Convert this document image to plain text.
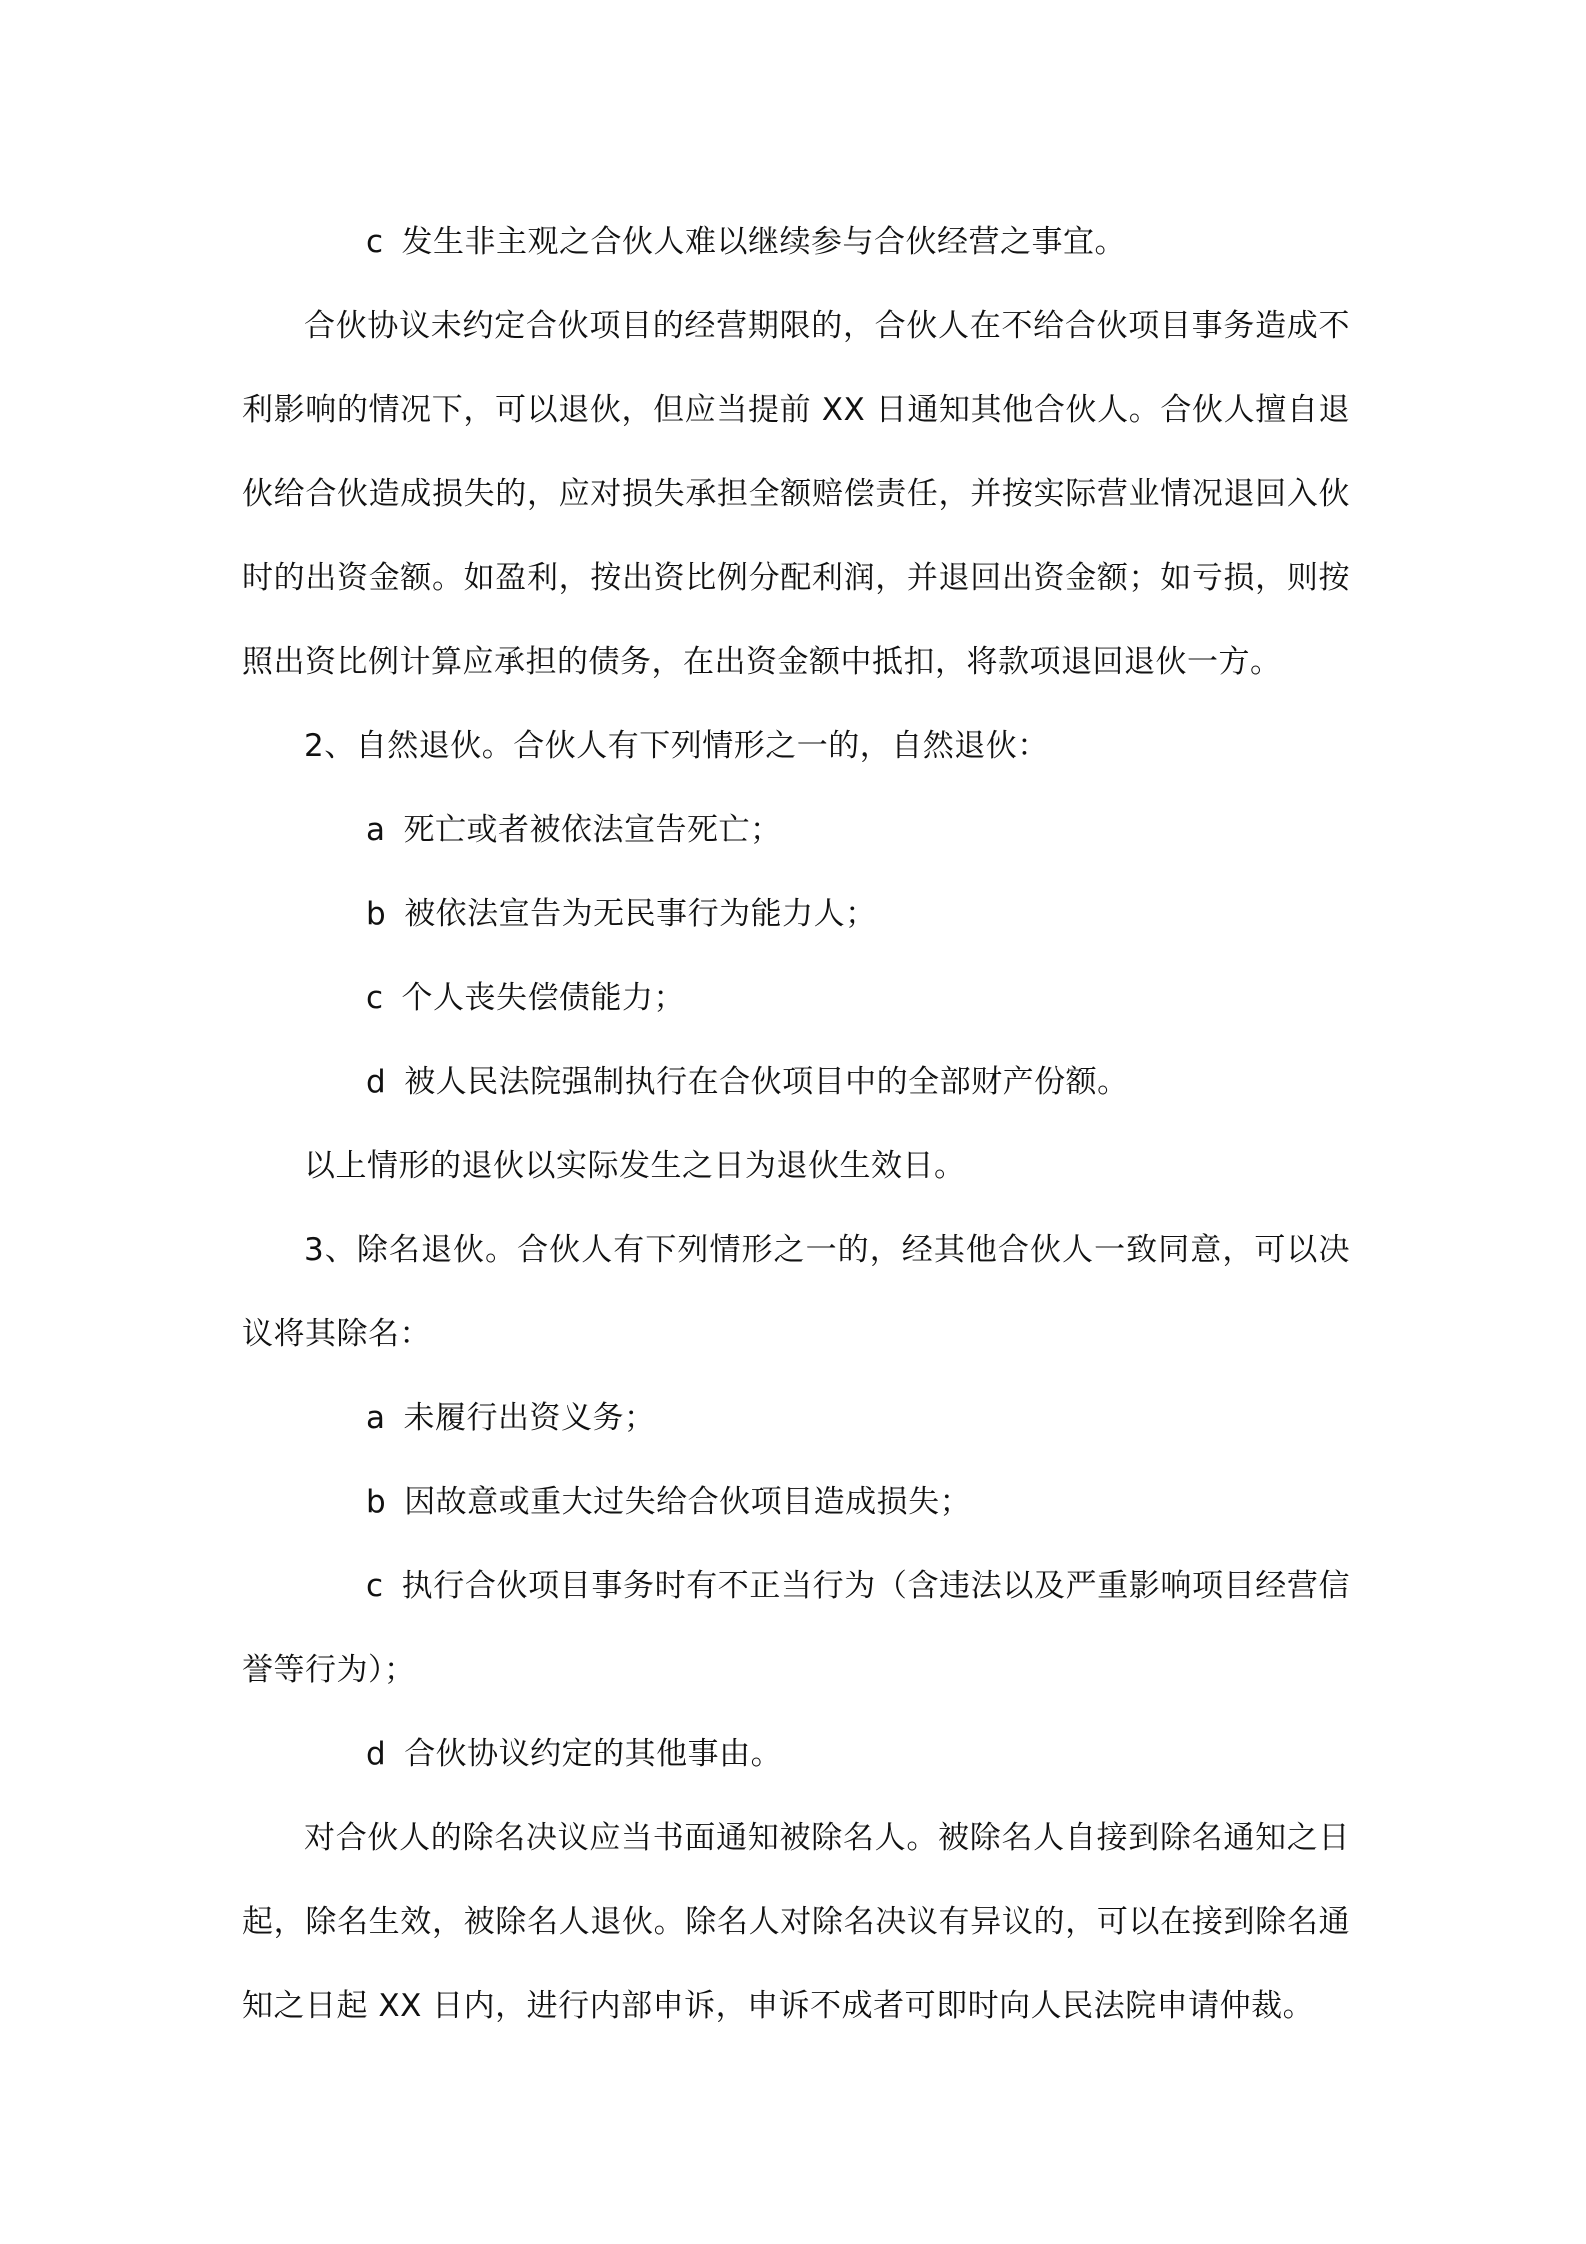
c 发生非主观之合伙人难以继续参与合伙经营之事宜。

合伙协议未约定合伙项目的经营期限的，合伙人在不给合伙项目事务造成不利影响的情况下，可以退伙，但应当提前 XX 日通知其他合伙人。合伙人擅自退伙给合伙造成损失的，应对损失承担全额赔偿责任，并按实际营业情况退回入伙时的出资金额。如盈利，按出资比例分配利润，并退回出资金额；如亏损，则按照出资比例计算应承担的债务，在出资金额中抵扣，将款项退回退伙一方。

2、自然退伙。合伙人有下列情形之一的，自然退伙：

a 死亡或者被依法宣告死亡；

b 被依法宣告为无民事行为能力人；

c 个人丧失偿债能力；

d 被人民法院强制执行在合伙项目中的全部财产份额。

以上情形的退伙以实际发生之日为退伙生效日。

3、除名退伙。合伙人有下列情形之一的，经其他合伙人一致同意，可以决议将其除名：

a 未履行出资义务；

b 因故意或重大过失给合伙项目造成损失；

c 执行合伙项目事务时有不正当行为（含违法以及严重影响项目经营信誉等行为）；

d 合伙协议约定的其他事由。

对合伙人的除名决议应当书面通知被除名人。被除名人自接到除名通知之日起，除名生效，被除名人退伙。除名人对除名决议有异议的，可以在接到除名通知之日起 XX 日内，进行内部申诉，申诉不成者可即时向人民法院申请仲裁。
